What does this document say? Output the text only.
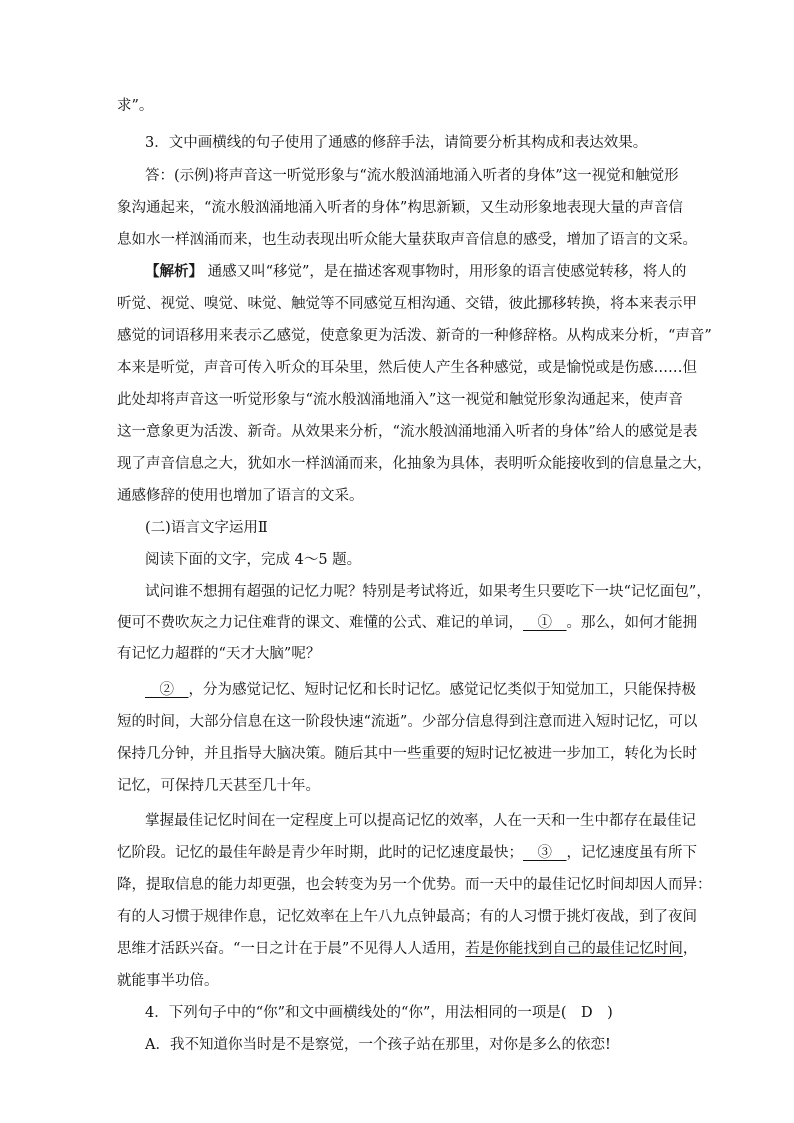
求”。
3．文中画横线的句子使用了通感的修辞手法，请简要分析其构成和表达效果。
答：(示例)将声音这一听觉形象与“流水般汹涌地涌入听者的身体”这一视觉和触觉形
象沟通起来，“流水般汹涌地涌入听者的身体”构思新颖，又生动形象地表现大量的声音信
息如水一样汹涌而来，也生动表现出听众能大量获取声音信息的感受，增加了语言的文采。
【解析】 通感又叫“移觉”，是在描述客观事物时，用形象的语言使感觉转移，将人的
听觉、视觉、嗅觉、味觉、触觉等不同感觉互相沟通、交错，彼此挪移转换，将本来表示甲
感觉的词语移用来表示乙感觉，使意象更为活泼、新奇的一种修辞格。从构成来分析，“声音”
本来是听觉，声音可传入听众的耳朵里，然后使人产生各种感觉，或是愉悦或是伤感……但
此处却将声音这一听觉形象与“流水般汹涌地涌入”这一视觉和触觉形象沟通起来，使声音
这一意象更为活泼、新奇。从效果来分析，“流水般汹涌地涌入听者的身体”给人的感觉是表
现了声音信息之大，犹如水一样汹涌而来，化抽象为具体，表明听众能接收到的信息量之大，
通感修辞的使用也增加了语言的文采。
(二)语言文字运用Ⅱ
阅读下面的文字，完成 4～5 题。
试问谁不想拥有超强的记忆力呢？特别是考试将近，如果考生只要吃下一块“记忆面包”，
便可不费吹灰之力记住难背的课文、难懂的公式、难记的单词，__①__。那么，如何才能拥
有记忆力超群的“天才大脑”呢？
__②__，分为感觉记忆、短时记忆和长时记忆。感觉记忆类似于知觉加工，只能保持极
短的时间，大部分信息在这一阶段快速“流逝”。少部分信息得到注意而进入短时记忆，可以
保持几分钟，并且指导大脑决策。随后其中一些重要的短时记忆被进一步加工，转化为长时
记忆，可保持几天甚至几十年。
掌握最佳记忆时间在一定程度上可以提高记忆的效率，人在一天和一生中都存在最佳记
忆阶段。记忆的最佳年龄是青少年时期，此时的记忆速度最快；__③__，记忆速度虽有所下
降，提取信息的能力却更强，也会转变为另一个优势。而一天中的最佳记忆时间却因人而异：
有的人习惯于规律作息，记忆效率在上午八九点钟最高；有的人习惯于挑灯夜战，到了夜间
思维才活跃兴奋。“一日之计在于晨”不见得人人适用，若是你能找到自己的最佳记忆时间，
就能事半功倍。
4．下列句子中的“你”和文中画横线处的“你”，用法相同的一项是(　D　)
A．我不知道你当时是不是察觉，一个孩子站在那里，对你是多么的依恋!
